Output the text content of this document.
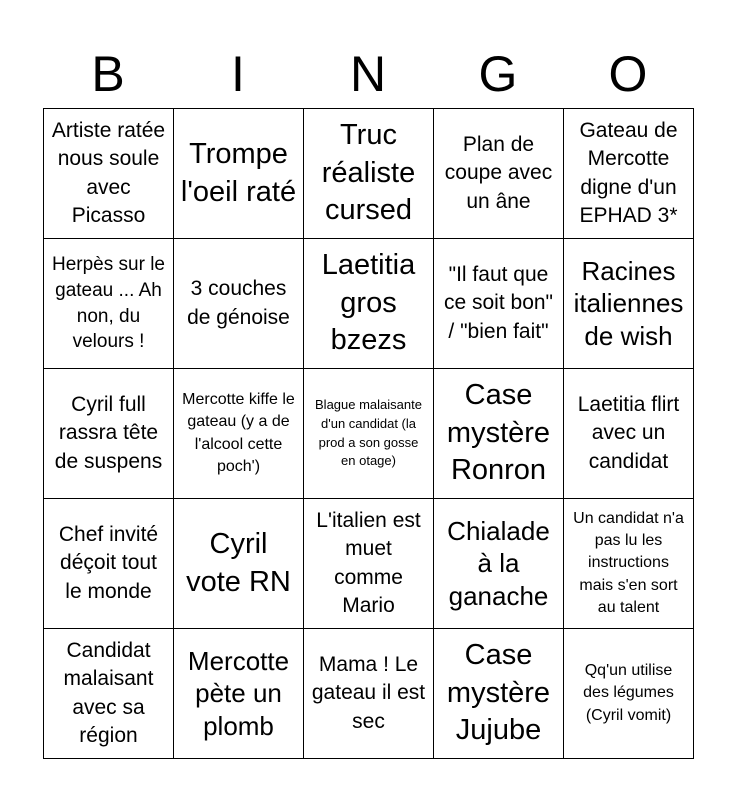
B	I	N	G	O
Artiste ratée nous soule avec Picasso
Trompe l'oeil raté
Truc réaliste cursed
Plan de coupe avec un âne
Gateau de Mercotte digne d'un EPHAD 3*
Herpès sur le gateau ... Ah non, du velours !
3 couches de génoise
Laetitia gros bzezs
"Il faut que ce soit bon" / "bien fait"
Racines italiennes de wish
Cyril full rassra tête de suspens
Mercotte kiffe le gateau (y a de l'alcool cette poch')
Blague malaisante d'un candidat (la prod a son gosse en otage)
Case mystère Ronron
Laetitia flirt avec un candidat
Chef invité déçoit tout le monde
Cyril vote RN
L'italien est muet comme Mario
Chialade à la ganache
Un candidat n'a pas lu les instructions mais s'en sort au talent
Candidat malaisant avec sa région
Mercotte pète un plomb
Mama ! Le gateau il est sec
Case mystère Jujube
Qq'un utilise des légumes (Cyril vomit)
